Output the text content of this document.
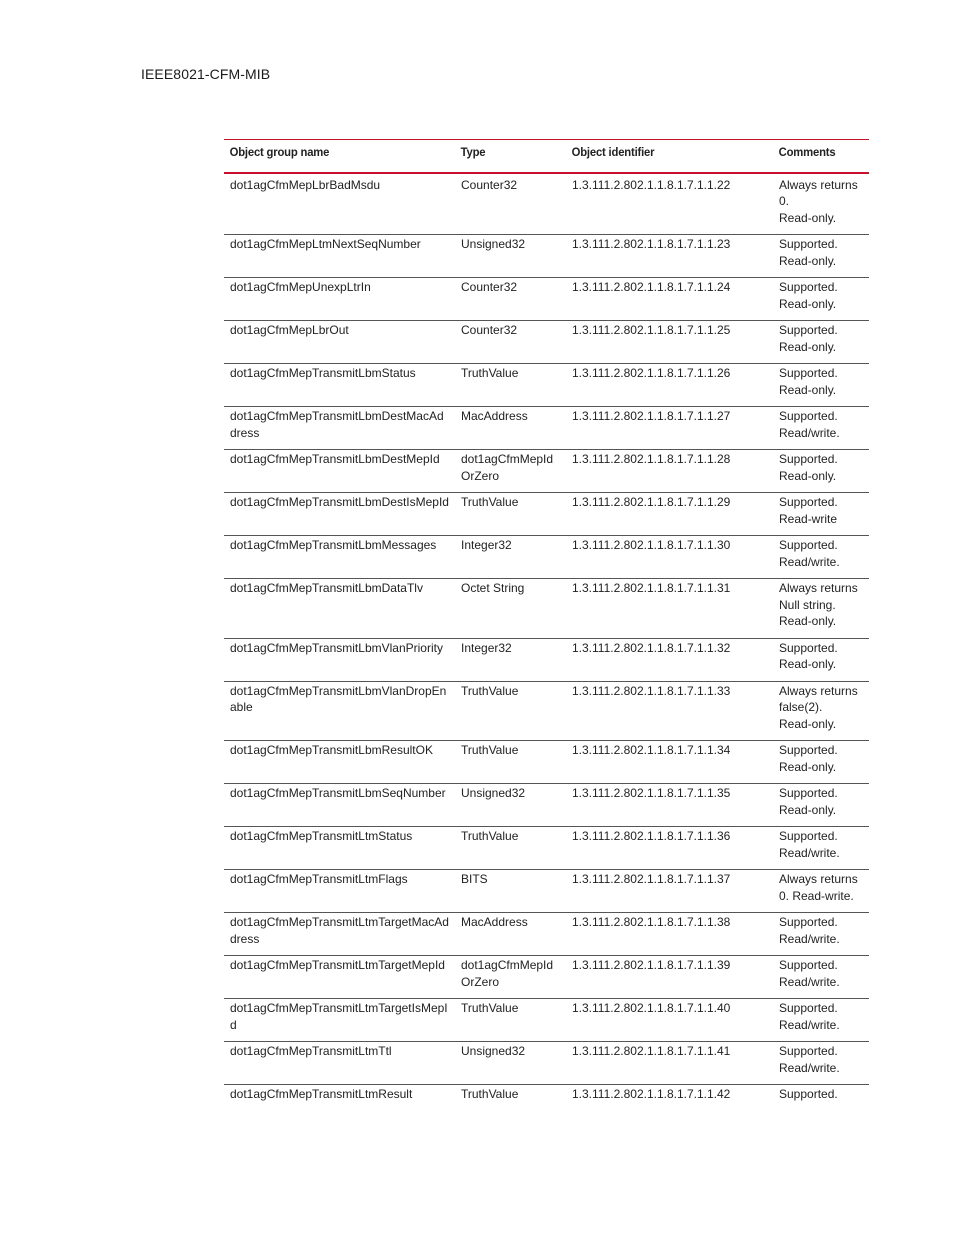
IEEE8021-CFM-MIB
Object group name	Type	Object identifier	Comments
dot1agCfmMepLbrBadMsdu	Counter32	1.3.111.2.802.1.1.8.1.7.1.1.22	Always returns 0.
Read-only.

dot1agCfmMepLtmNextSeqNumber	Unsigned32	1.3.111.2.802.1.1.8.1.7.1.1.23	Supported.
Read-only.

dot1agCfmMepUnexpLtrIn	Counter32	1.3.111.2.802.1.1.8.1.7.1.1.24	Supported.
Read-only.

dot1agCfmMepLbrOut	Counter32	1.3.111.2.802.1.1.8.1.7.1.1.25	Supported.
Read-only.

dot1agCfmMepTransmitLbmStatus	TruthValue	1.3.111.2.802.1.1.8.1.7.1.1.26	Supported.
Read-only.

dot1agCfmMepTransmitLbmDestMacAddress	MacAddress	1.3.111.2.802.1.1.8.1.7.1.1.27	Supported.
Read/write.

dot1agCfmMepTransmitLbmDestMepId	dot1agCfmMepIdOrZero	1.3.111.2.802.1.1.8.1.7.1.1.28	Supported.
Read-only.

dot1agCfmMepTransmitLbmDestIsMepId	TruthValue	1.3.111.2.802.1.1.8.1.7.1.1.29	Supported.
Read-write

dot1agCfmMepTransmitLbmMessages	Integer32	1.3.111.2.802.1.1.8.1.7.1.1.30	Supported.
Read/write.

dot1agCfmMepTransmitLbmDataTlv	Octet String	1.3.111.2.802.1.1.8.1.7.1.1.31	Always returns Null string.
Read-only.

dot1agCfmMepTransmitLbmVlanPriority	Integer32	1.3.111.2.802.1.1.8.1.7.1.1.32	Supported.
Read-only.

dot1agCfmMepTransmitLbmVlanDropEnable	TruthValue	1.3.111.2.802.1.1.8.1.7.1.1.33	Always returns false(2).
Read-only.

dot1agCfmMepTransmitLbmResultOK	TruthValue	1.3.111.2.802.1.1.8.1.7.1.1.34	Supported.
Read-only.

dot1agCfmMepTransmitLbmSeqNumber	Unsigned32	1.3.111.2.802.1.1.8.1.7.1.1.35	Supported.
Read-only.

dot1agCfmMepTransmitLtmStatus	TruthValue	1.3.111.2.802.1.1.8.1.7.1.1.36	Supported.
Read/write.

dot1agCfmMepTransmitLtmFlags	BITS	1.3.111.2.802.1.1.8.1.7.1.1.37	Always returns 0. Read-write.

dot1agCfmMepTransmitLtmTargetMacAddress	MacAddress	1.3.111.2.802.1.1.8.1.7.1.1.38	Supported.
Read/write.

dot1agCfmMepTransmitLtmTargetMepId	dot1agCfmMepIdOrZero	1.3.111.2.802.1.1.8.1.7.1.1.39	Supported.
Read/write.

dot1agCfmMepTransmitLtmTargetIsMepId	TruthValue	1.3.111.2.802.1.1.8.1.7.1.1.40	Supported.
Read/write.

dot1agCfmMepTransmitLtmTtl	Unsigned32	1.3.111.2.802.1.1.8.1.7.1.1.41	Supported.
Read/write.

dot1agCfmMepTransmitLtmResult	TruthValue	1.3.111.2.802.1.1.8.1.7.1.1.42	Supported.
